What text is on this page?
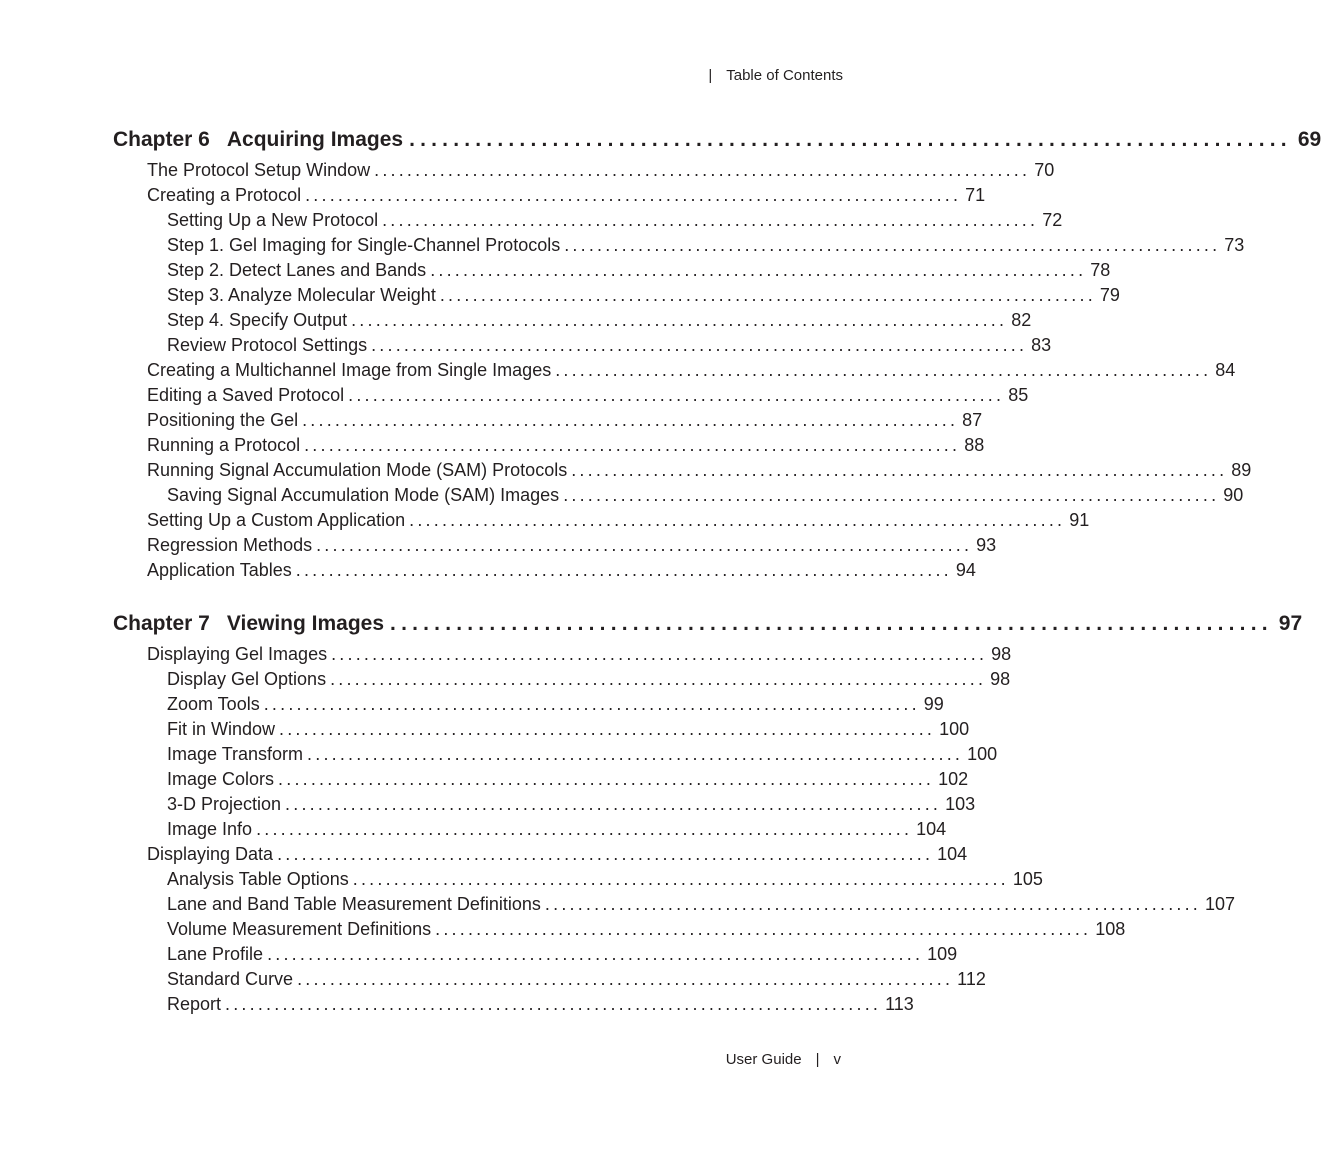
| Table of Contents
Chapter 6 Acquiring Images ................................................................................ 69
The Protocol Setup Window ................................................................................ 70
Creating a Protocol ................................................................................ 71
Setting Up a New Protocol ................................................................................ 72
Step 1. Gel Imaging for Single-Channel Protocols ................................................................................ 73
Step 2. Detect Lanes and Bands ................................................................................ 78
Step 3. Analyze Molecular Weight ................................................................................ 79
Step 4. Specify Output ................................................................................ 82
Review Protocol Settings ................................................................................ 83
Creating a Multichannel Image from Single Images ................................................................................ 84
Editing a Saved Protocol ................................................................................ 85
Positioning the Gel ................................................................................ 87
Running a Protocol ................................................................................ 88
Running Signal Accumulation Mode (SAM) Protocols ................................................................................ 89
Saving Signal Accumulation Mode (SAM) Images ................................................................................ 90
Setting Up a Custom Application ................................................................................ 91
Regression Methods ................................................................................ 93
Application Tables ................................................................................ 94
Chapter 7 Viewing Images ................................................................................ 97
Displaying Gel Images ................................................................................ 98
Display Gel Options ................................................................................ 98
Zoom Tools ................................................................................ 99
Fit in Window ................................................................................ 100
Image Transform ................................................................................ 100
Image Colors ................................................................................ 102
3-D Projection ................................................................................ 103
Image Info ................................................................................ 104
Displaying Data ................................................................................ 104
Analysis Table Options ................................................................................ 105
Lane and Band Table Measurement Definitions ................................................................................ 107
Volume Measurement Definitions ................................................................................ 108
Lane Profile ................................................................................ 109
Standard Curve ................................................................................ 112
Report ................................................................................ 113
User Guide | v
